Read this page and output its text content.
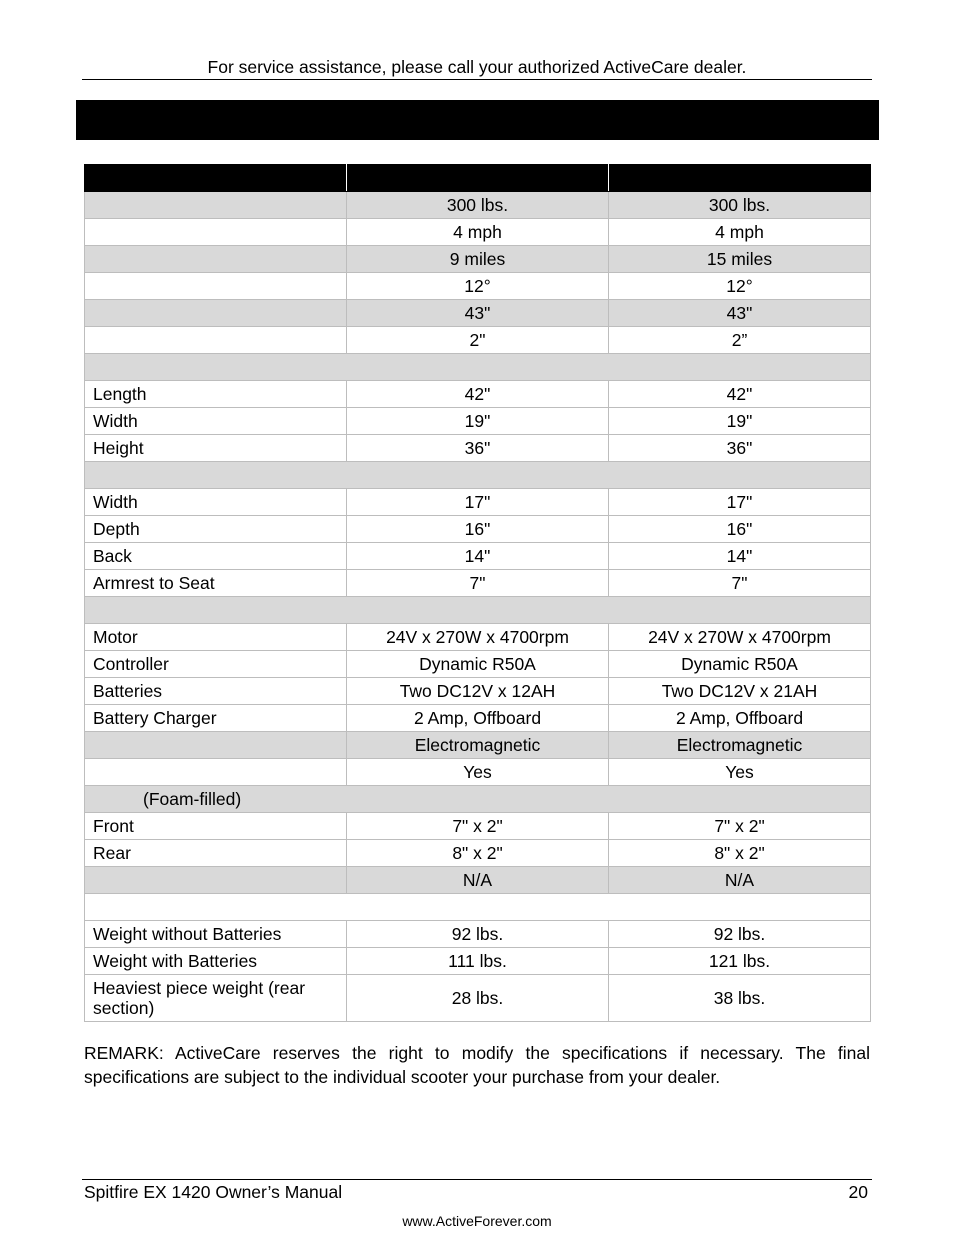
For service assistance, please call your authorized ActiveCare dealer.

	300 lbs.	300 lbs.
	4 mph	4 mph
	9 miles	15 miles
	12°	12°
	43"	43"
	2"	2”

Length	42"	42"
Width	19"	19"
Height	36"	36"

Width	17"	17"
Depth	16"	16"
Back	14"	14"
Armrest to Seat	7"	7"

Motor	24V x 270W x 4700rpm	24V x 270W x 4700rpm
Controller	Dynamic R50A	Dynamic R50A
Batteries	Two DC12V x 12AH	Two DC12V x 21AH
Battery Charger	2 Amp, Offboard	2 Amp, Offboard
	Electromagnetic	Electromagnetic
	Yes	Yes
(Foam-filled)		
Front	7" x 2"	7" x 2"
Rear	8" x 2"	8" x 2"
	N/A	N/A

Weight without Batteries	92 lbs.	92 lbs.
Weight with Batteries	111 lbs.	121 lbs.
Heaviest piece weight (rear section)	28 lbs.	38 lbs.
REMARK: ActiveCare reserves the right to modify the specifications if necessary. The final specifications are subject to the individual scooter your purchase from your dealer.
Spitfire EX 1420 Owner’s Manual	20
www.ActiveForever.com
